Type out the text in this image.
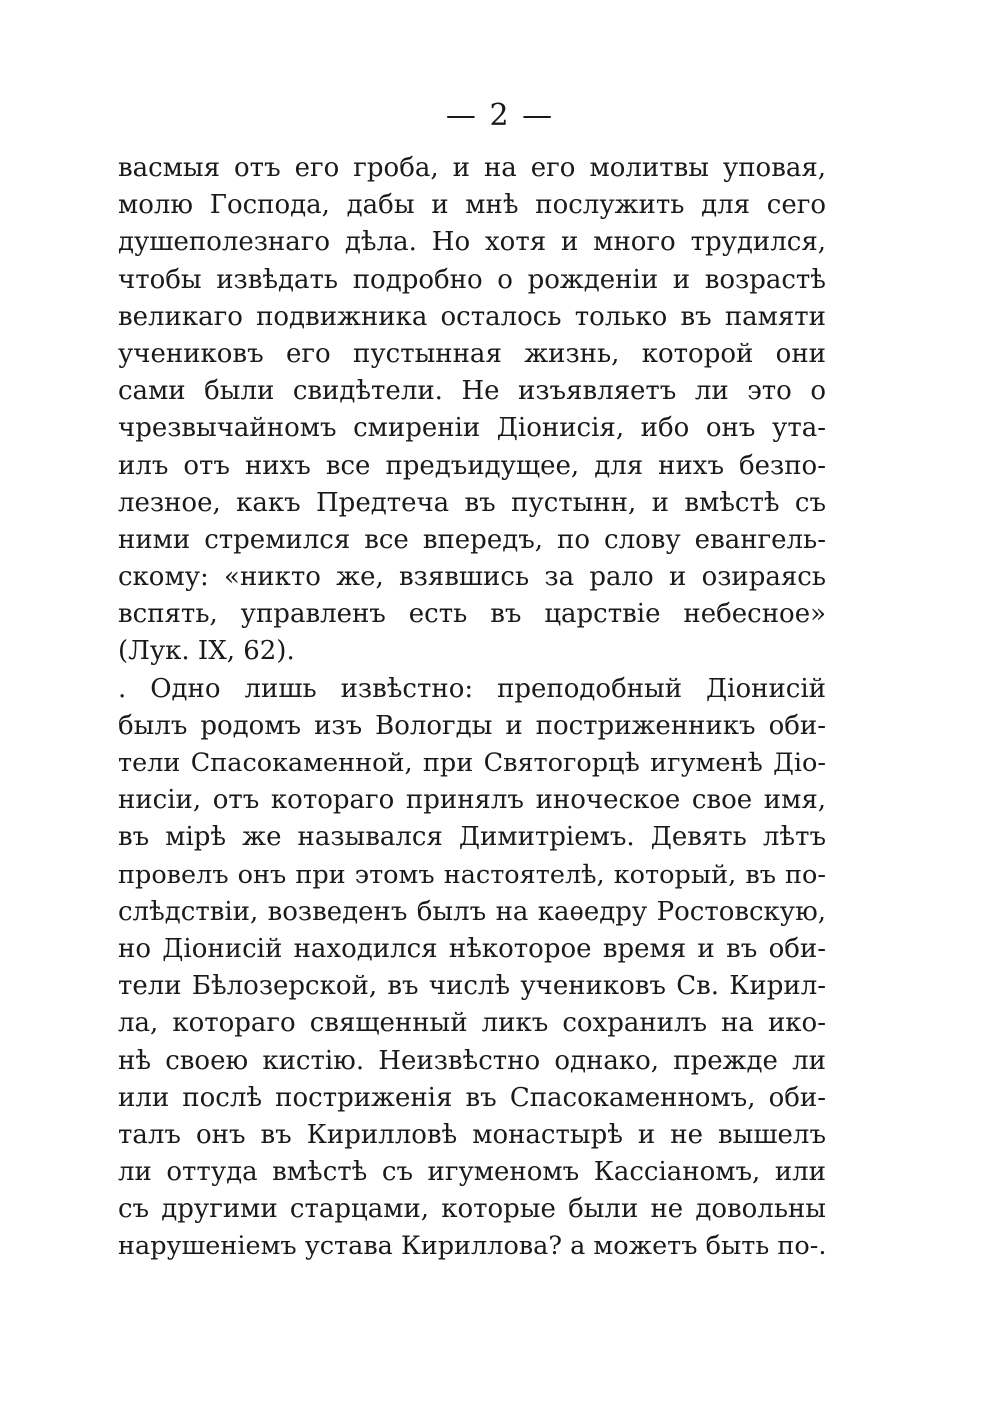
— 2 —
васмыя отъ его гроба, и на его молитвы уповая,
молю Господа, дабы и мнѣ послужить для сего
душеполезнаго дѣла. Но хотя и много трудился,
чтобы извѣдать подробно о рожденіи и возрастѣ
великаго подвижника осталось только въ памяти
учениковъ его пустынная жизнь, которой они
сами были свидѣтели. Не изъявляетъ ли это о
чрезвычайномъ смиреніи Діонисія, ибо онъ ута-
илъ отъ нихъ все предъидущее, для нихъ безпо-
лезное, какъ Предтеча въ пустынн, и вмѣстѣ съ
ними стремился все впередъ, по слову евангель-
скому: «никто же, взявшись за рало и озираясь
вспять, управленъ есть въ царствіе небесное»
(Лук. IX, 62).
. Одно лишь извѣстно: преподобный Діонисій
былъ родомъ изъ Вологды и постриженникъ оби-
тели Спасокаменной, при Святогорцѣ игуменѣ Діо-
нисіи, отъ котораго принялъ иноческое свое имя,
въ мірѣ же назывался Димитріемъ. Девять лѣтъ
провелъ онъ при этомъ настоятелѣ, который, въ по-
слѣдствіи, возведенъ былъ на каѳедру Ростовскую,
но Діонисій находился нѣкоторое время и въ оби-
тели Бѣлозерской, въ числѣ учениковъ Св. Кирил-
ла, котораго священный ликъ сохранилъ на ико-
нѣ своею кистію. Неизвѣстно однако, прежде ли
или послѣ постриженія въ Спасокаменномъ, оби-
талъ онъ въ Кирилловѣ монастырѣ и не вышелъ
ли оттуда вмѣстѣ съ игуменомъ Кассіаномъ, или
съ другими старцами, которые были не довольны
нарушеніемъ устава Кириллова? а можетъ быть по-.
